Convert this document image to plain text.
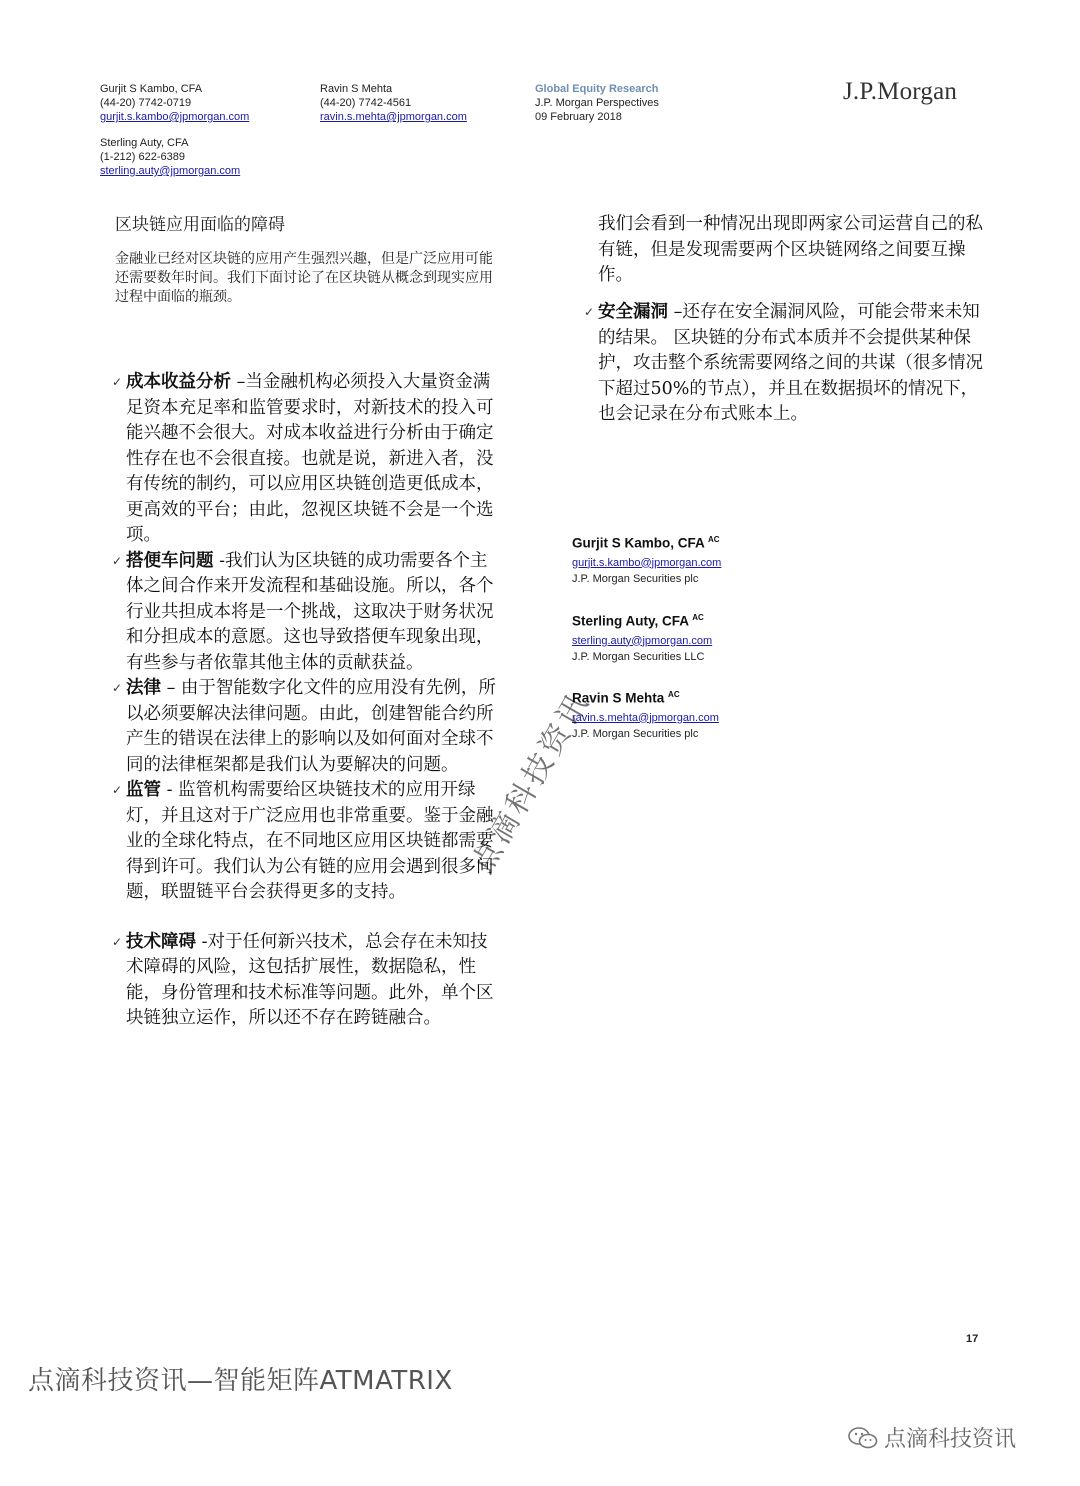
Gurjit S Kambo, CFA
(44-20) 7742-0719
gurjit.s.kambo@jpmorgan.com
Sterling Auty, CFA
(1-212) 622-6389
sterling.auty@jpmorgan.com
Ravin S Mehta
(44-20) 7742-4561
ravin.s.mehta@jpmorgan.com
Global Equity Research
J.P. Morgan Perspectives
09 February 2018
J.P.Morgan
区块链应用面临的障碍
金融业已经对区块链的应用产生强烈兴趣，但是广泛应用可能还需要数年时间。我们下面讨论了在区块链从概念到现实应用过程中面临的瓶颈。
✓ 成本收益分析 –当金融机构必须投入大量资金满足资本充足率和监管要求时，对新技术的投入可能兴趣不会很大。对成本收益进行分析由于确定性存在也不会很直接。也就是说，新进入者，没有传统的制约，可以应用区块链创造更低成本，更高效的平台；由此，忽视区块链不会是一个选项。
✓ 搭便车问题 -我们认为区块链的成功需要各个主体之间合作来开发流程和基础设施。所以，各个行业共担成本将是一个挑战，这取决于财务状况和分担成本的意愿。这也导致搭便车现象出现，有些参与者依靠其他主体的贡献获益。
✓ 法律 – 由于智能数字化文件的应用没有先例，所以必须要解决法律问题。由此，创建智能合约所产生的错误在法律上的影响以及如何面对全球不同的法律框架都是我们认为要解决的问题。
✓ 监管 - 监管机构需要给区块链技术的应用开绿灯，并且这对于广泛应用也非常重要。鉴于金融业的全球化特点，在不同地区应用区块链都需要得到许可。我们认为公有链的应用会遇到很多问题，联盟链平台会获得更多的支持。
✓ 技术障碍 -对于任何新兴技术，总会存在未知技术障碍的风险，这包括扩展性，数据隐私，性能，身份管理和技术标准等问题。此外，单个区块链独立运作，所以还不存在跨链融合。
我们会看到一种情况出现即两家公司运营自己的私有链，但是发现需要两个区块链网络之间要互操作。
✓ 安全漏洞 –还存在安全漏洞风险，可能会带来未知的结果。 区块链的分布式本质并不会提供某种保护，攻击整个系统需要网络之间的共谋（很多情况下超过50%的节点），并且在数据损坏的情况下，也会记录在分布式账本上。
Gurjit S Kambo, CFA $^{AC}$
gurjit.s.kambo@jpmorgan.com
J.P. Morgan Securities plc
Sterling Auty, CFA $^{AC}$
sterling.auty@jpmorgan.com
J.P. Morgan Securities LLC
Ravin S Mehta $^{AC}$
ravin.s.mehta@jpmorgan.com
J.P. Morgan Securities plc
点滴科技资讯
17
点滴科技资讯—智能矩阵ATMATRIX
点滴科技资讯
